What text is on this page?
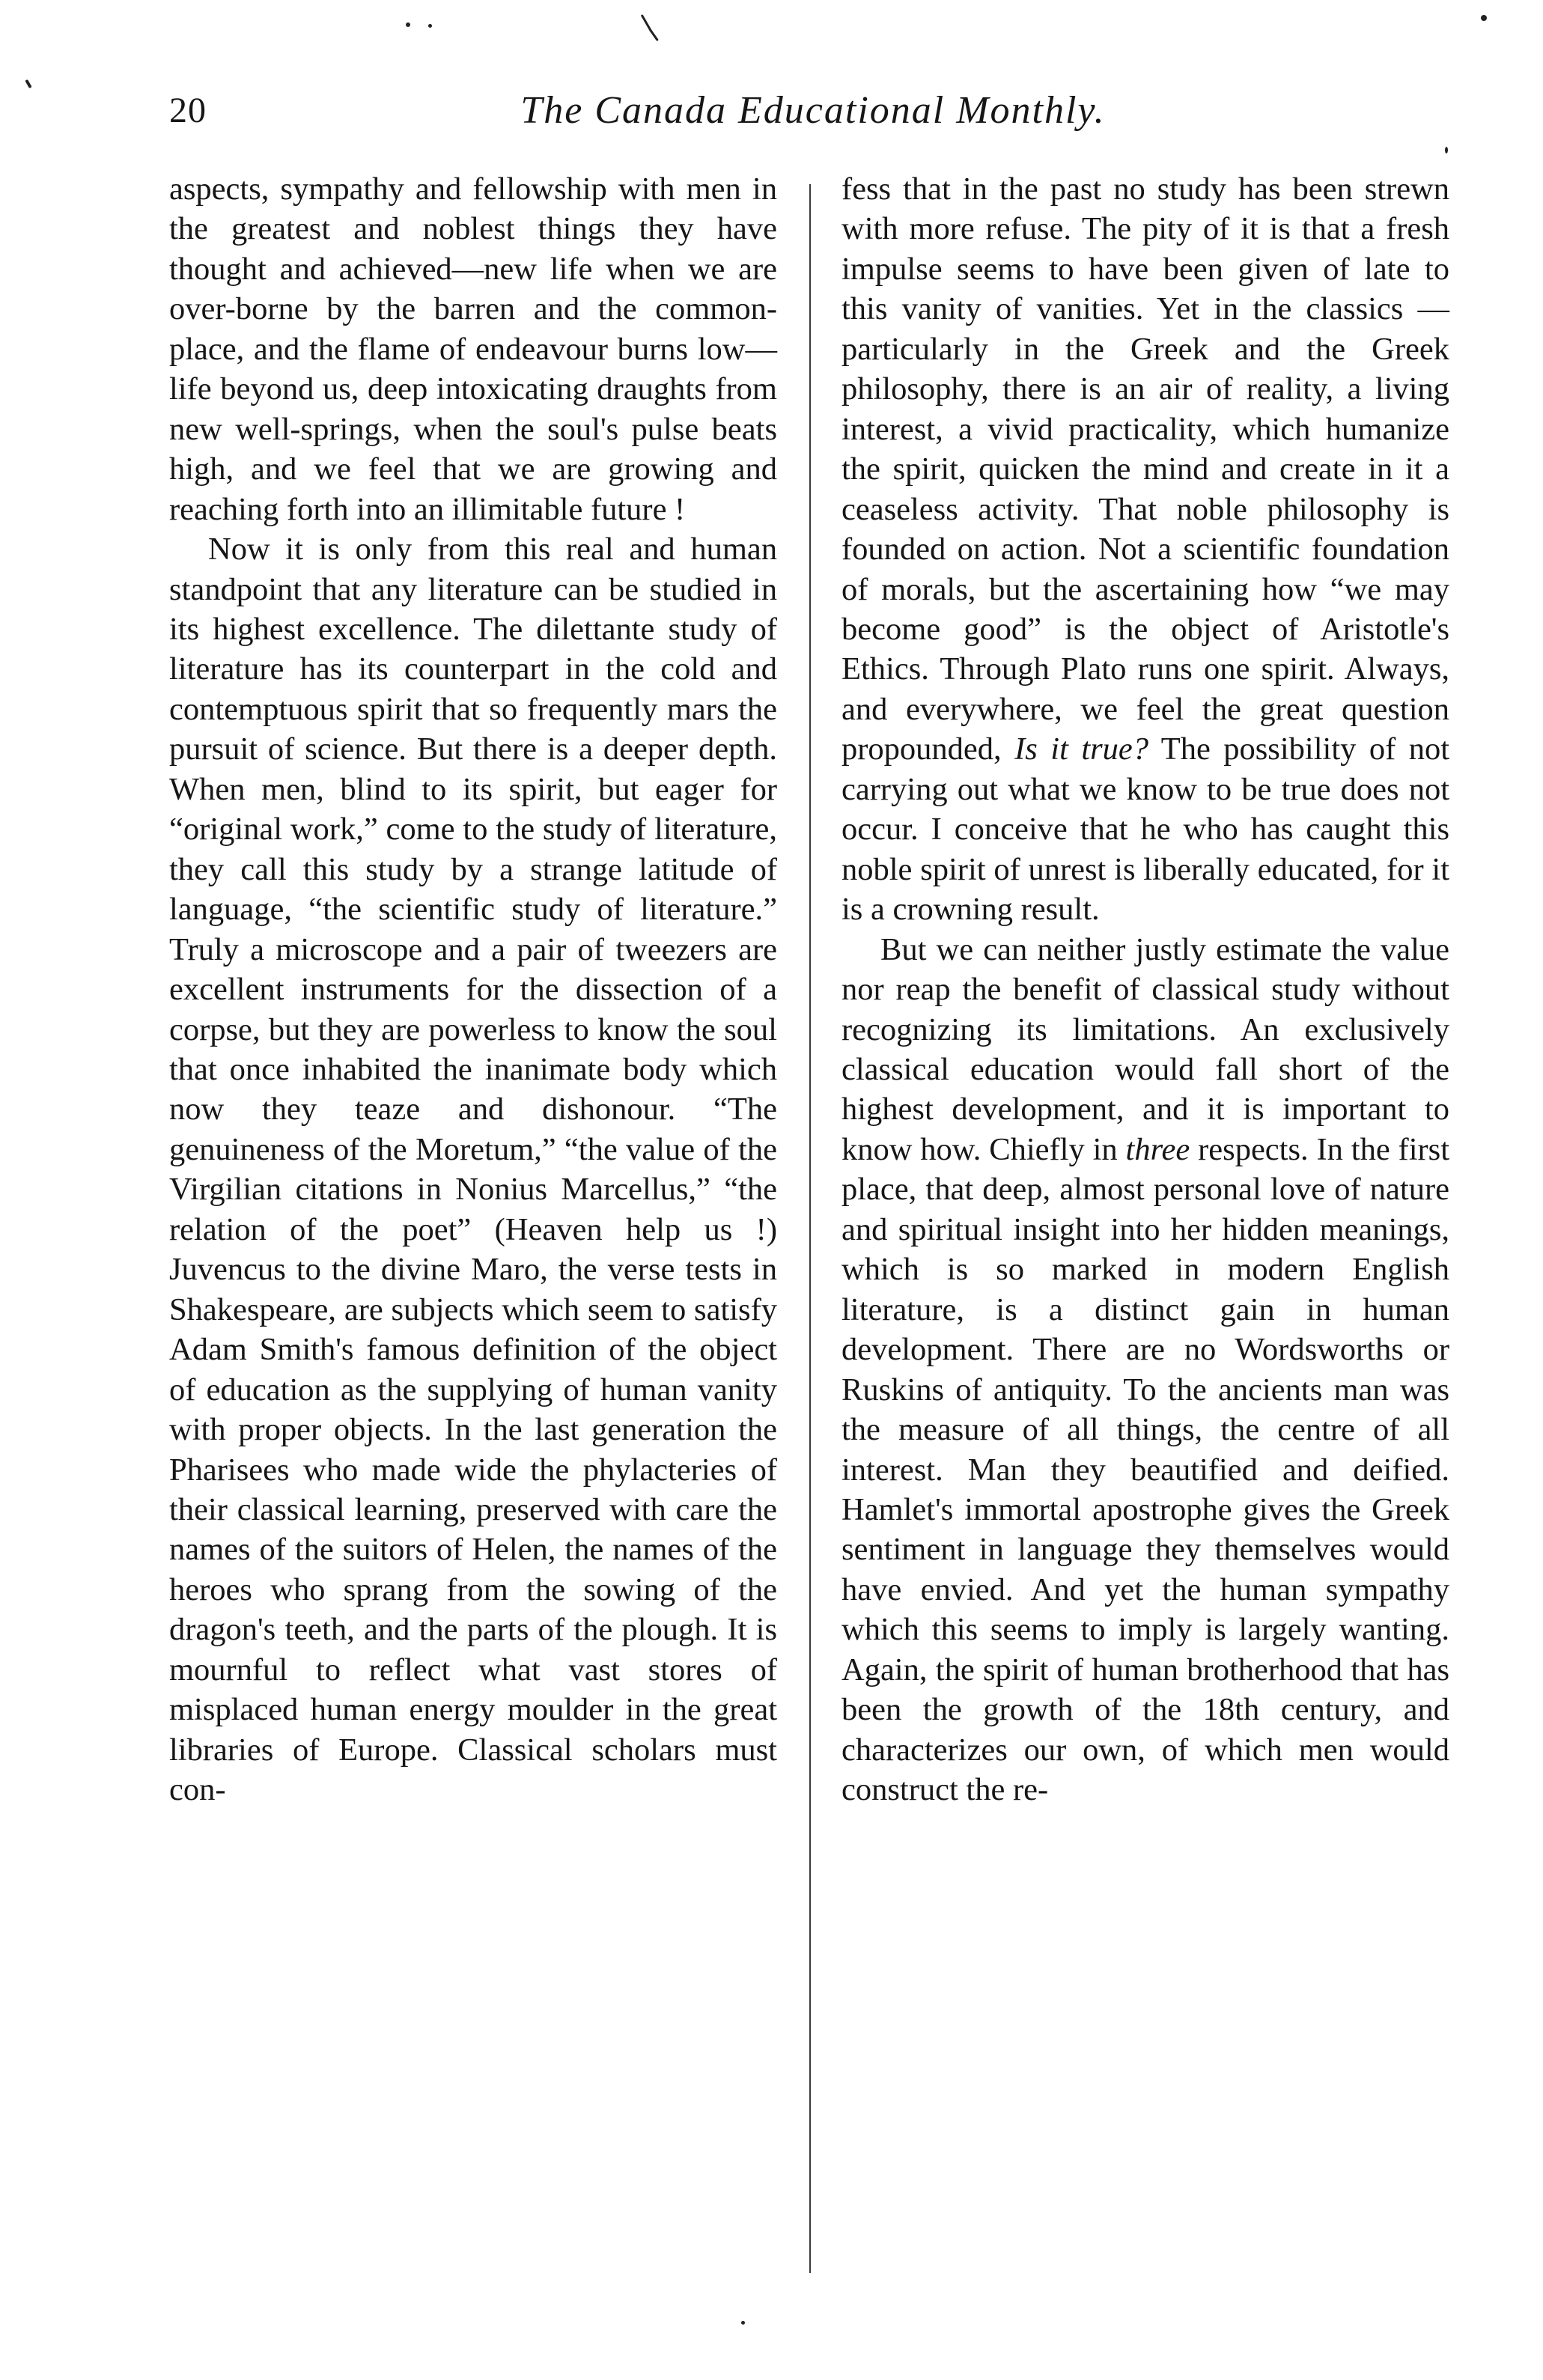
20	The Canada Educational Monthly.

aspects, sympathy and fellowship with men in the greatest and noblest things they have thought and achieved—new life when we are over-borne by the barren and the common-place, and the flame of endeavour burns low—life beyond us, deep intoxicating draughts from new well-springs, when the soul's pulse beats high, and we feel that we are growing and reaching forth into an illimitable future !

Now it is only from this real and human standpoint that any literature can be studied in its highest excellence. The dilettante study of literature has its counterpart in the cold and contemptuous spirit that so frequently mars the pursuit of science. But there is a deeper depth. When men, blind to its spirit, but eager for “original work,” come to the study of literature, they call this study by a strange latitude of language, “the scientific study of literature.” Truly a microscope and a pair of tweezers are excellent instruments for the dissection of a corpse, but they are powerless to know the soul that once inhabited the inanimate body which now they teaze and dishonour. “The genuineness of the Moretum,” “the value of the Virgilian citations in Nonius Marcellus,” “the relation of the poet” (Heaven help us !) Juvencus to the divine Maro, the verse tests in Shakespeare, are subjects which seem to satisfy Adam Smith's famous definition of the object of education as the supplying of human vanity with proper objects. In the last generation the Pharisees who made wide the phylacteries of their classical learning, preserved with care the names of the suitors of Helen, the names of the heroes who sprang from the sowing of the dragon's teeth, and the parts of the plough. It is mournful to reflect what vast stores of misplaced human energy moulder in the great libraries of Europe. Classical scholars must con-

fess that in the past no study has been strewn with more refuse. The pity of it is that a fresh impulse seems to have been given of late to this vanity of vanities. Yet in the classics —particularly in the Greek and the Greek philosophy, there is an air of reality, a living interest, a vivid practicality, which humanize the spirit, quicken the mind and create in it a ceaseless activity. That noble philosophy is founded on action. Not a scientific foundation of morals, but the ascertaining how “we may become good” is the object of Aristotle's Ethics. Through Plato runs one spirit. Always, and everywhere, we feel the great question propounded, Is it true? The possibility of not carrying out what we know to be true does not occur. I conceive that he who has caught this noble spirit of unrest is liberally educated, for it is a crowning result.

But we can neither justly estimate the value nor reap the benefit of classical study without recognizing its limitations. An exclusively classical education would fall short of the highest development, and it is important to know how. Chiefly in three respects. In the first place, that deep, almost personal love of nature and spiritual insight into her hidden meanings, which is so marked in modern English literature, is a distinct gain in human development. There are no Wordsworths or Ruskins of antiquity. To the ancients man was the measure of all things, the centre of all interest. Man they beautified and deified. Hamlet's immortal apostrophe gives the Greek sentiment in language they themselves would have envied. And yet the human sympathy which this seems to imply is largely wanting. Again, the spirit of human brotherhood that has been the growth of the 18th century, and characterizes our own, of which men would construct the re-
